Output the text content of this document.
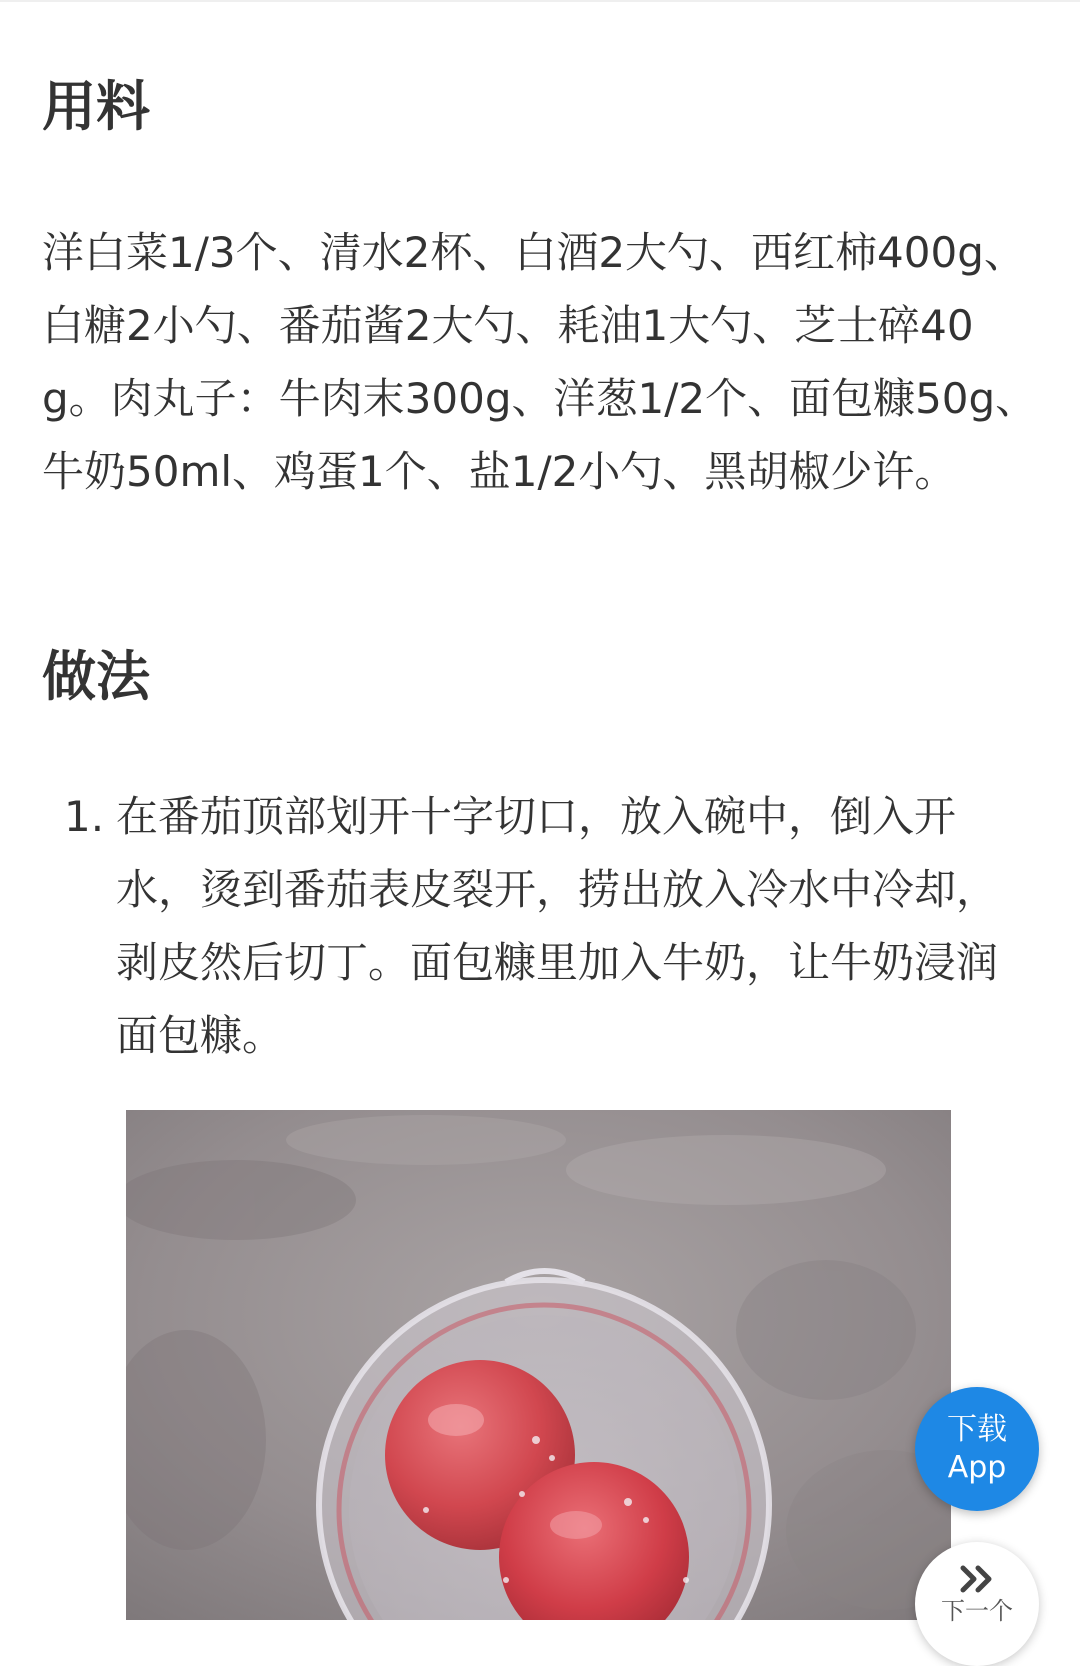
用料

洋白菜1/3个、清水2杯、白酒2大勺、西红柿400g、白糖2小勺、番茄酱2大勺、耗油1大勺、芝士碎40g。肉丸子：牛肉末300g、洋葱1/2个、面包糠50g、牛奶50ml、鸡蛋1个、盐1/2小勺、黑胡椒少许。

做法
1. 在番茄顶部划开十字切口，放入碗中，倒入开水，烫到番茄表皮裂开，捞出放入冷水中冷却，剥皮然后切丁。面包糠里加入牛奶，让牛奶浸润面包糠。
下载
App
下一个
